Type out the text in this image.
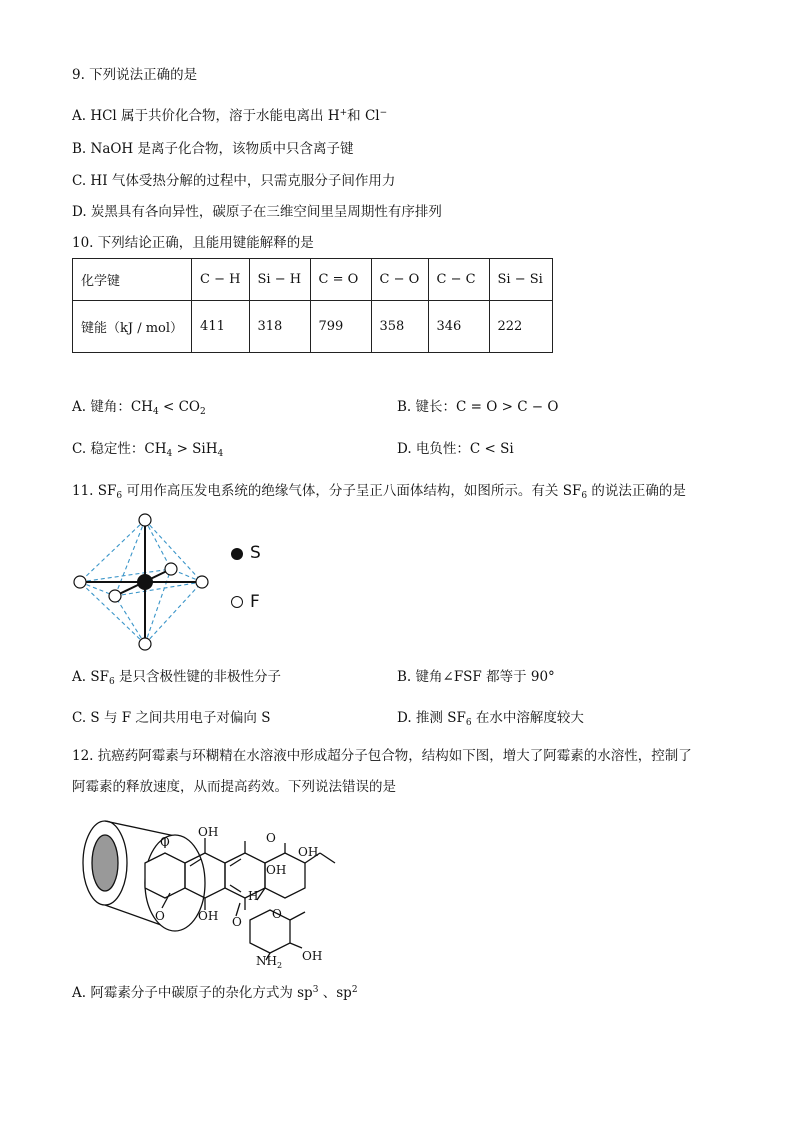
9. 下列说法正确的是
A. HCl 属于共价化合物，溶于水能电离出 H+和 Cl−
B. NaOH 是离子化合物，该物质中只含离子键
C. HI 气体受热分解的过程中，只需克服分子间作用力
D. 炭黑具有各向异性，碳原子在三维空间里呈周期性有序排列
10. 下列结论正确，且能用键能解释的是
化学键	C − H	Si − H	C = O	C − O	C − C	Si − Si
键能（kJ / mol）	411	318	799	358	346	222
A. 键角：$CH_4 < CO_2$	B. 键长：C = O > C − O
C. 稳定性：$CH_4 > SiH_4$	D. 电负性：C < Si
11. $SF_6$ 可用作高压发电系统的绝缘气体，分子呈正八面体结构，如图所示。有关 $SF_6$ 的说法正确的是
S
F
A. $SF_6$ 是只含极性键的非极性分子	B. 键角∠FSF 都等于 90°
C. S 与 F 之间共用电子对偏向 S	D. 推测 $SF_6$ 在水中溶解度较大
12. 抗癌药阿霉素与环糊精在水溶液中形成超分子包合物，结构如下图，增大了阿霉素的水溶性，控制了
阿霉素的释放速度，从而提高药效。下列说法错误的是
OH	O
OH
OH
OH
H
O
O
O
O
OH
$NH_2$
A. 阿霉素分子中碳原子的杂化方式为 $sp^3$ 、$sp^2$
